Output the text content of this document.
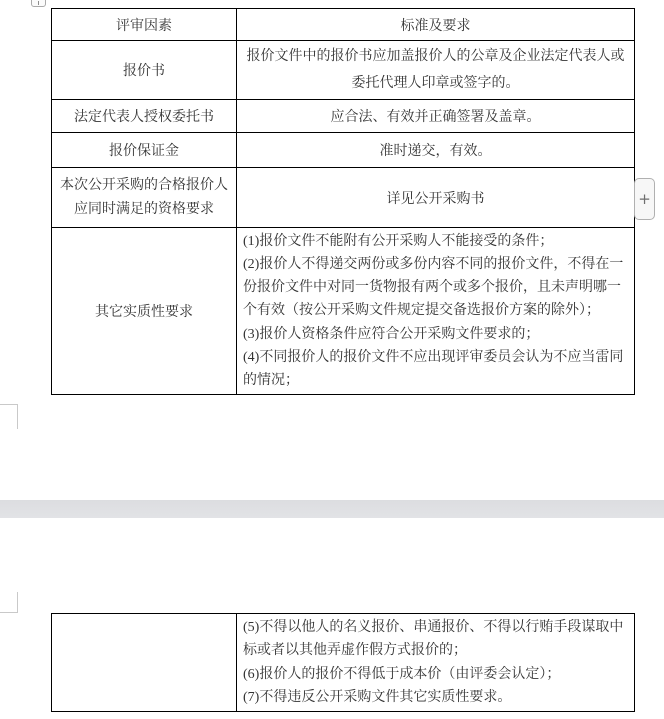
评审因素	标准及要求
报价书	报价文件中的报价书应加盖报价人的公章及企业法定代表人或委托代理人印章或签字的。
法定代表人授权委托书	应合法、有效并正确签署及盖章。
报价保证金	准时递交，有效。
本次公开采购的合格报价人应同时满足的资格要求	详见公开采购书
其它实质性要求	(1)报价文件不能附有公开采购人不能接受的条件；

(2)报价人不得递交两份或多份内容不同的报价文件，不得在一份报价文件中对同一货物报有两个或多个报价，且未声明哪一个有效（按公开采购文件规定提交备选报价方案的除外）；

(3)报价人资格条件应符合公开采购文件要求的；

(4)不同报价人的报价文件不应出现评审委员会认为不应当雷同的情况；

+

(5)不得以他人的名义报价、串通报价、不得以行贿手段谋取中标或者以其他弄虚作假方式报价的；

(6)报价人的报价不得低于成本价（由评委会认定）；

(7)不得违反公开采购文件其它实质性要求。
